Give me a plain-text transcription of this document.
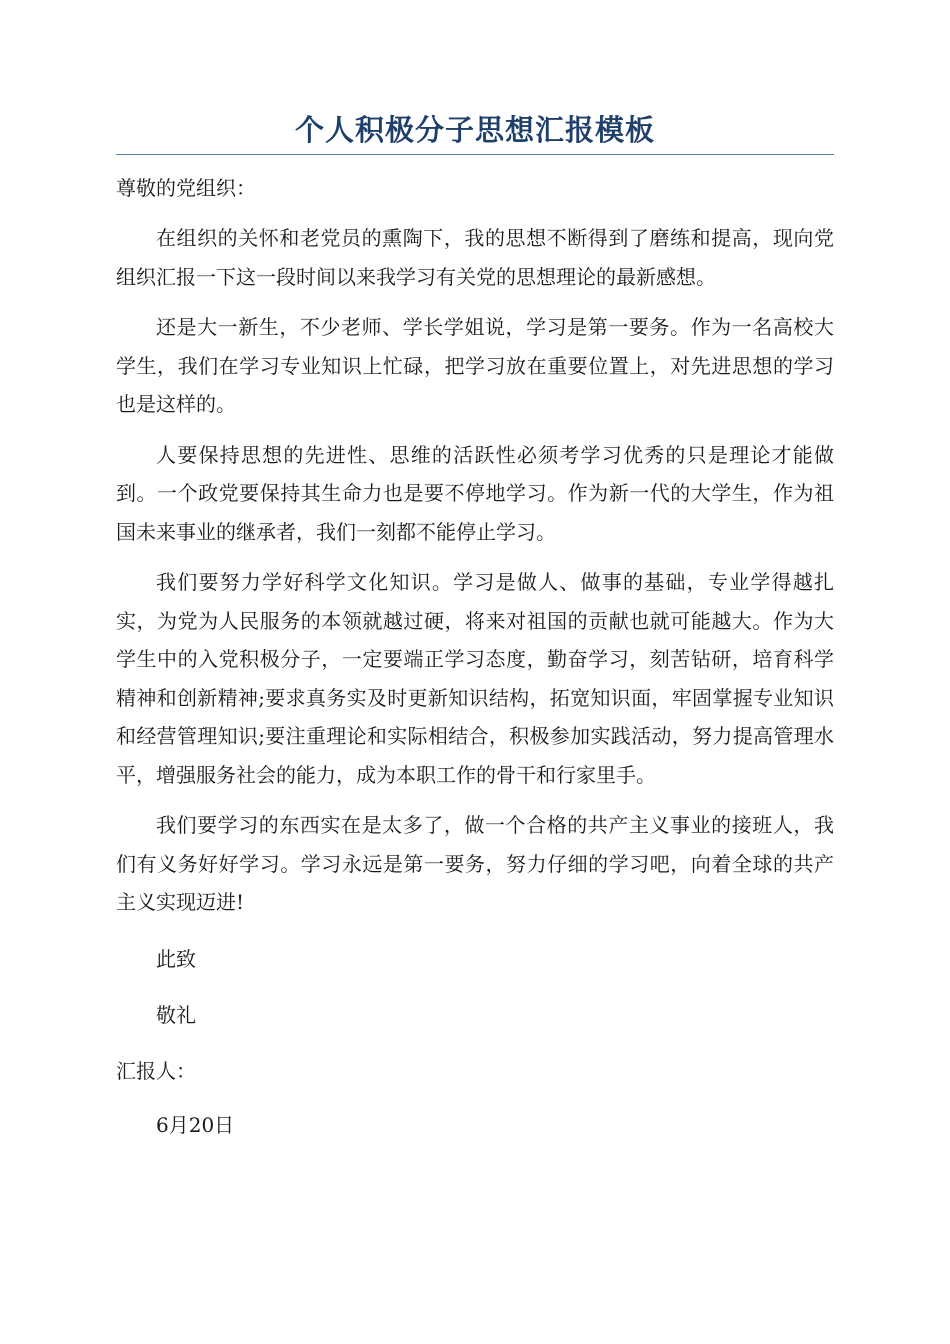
个人积极分子思想汇报模板

尊敬的党组织：

在组织的关怀和老党员的熏陶下，我的思想不断得到了磨练和提高，现向党组织汇报一下这一段时间以来我学习有关党的思想理论的最新感想。

还是大一新生，不少老师、学长学姐说，学习是第一要务。作为一名高校大学生，我们在学习专业知识上忙碌，把学习放在重要位置上，对先进思想的学习也是这样的。

人要保持思想的先进性、思维的活跃性必须考学习优秀的只是理论才能做到。一个政党要保持其生命力也是要不停地学习。作为新一代的大学生，作为祖国未来事业的继承者，我们一刻都不能停止学习。

我们要努力学好科学文化知识。学习是做人、做事的基础，专业学得越扎实，为党为人民服务的本领就越过硬，将来对祖国的贡献也就可能越大。作为大学生中的入党积极分子，一定要端正学习态度，勤奋学习，刻苦钻研，培育科学精神和创新精神;要求真务实及时更新知识结构，拓宽知识面，牢固掌握专业知识和经营管理知识;要注重理论和实际相结合，积极参加实践活动，努力提高管理水平，增强服务社会的能力，成为本职工作的骨干和行家里手。

我们要学习的东西实在是太多了，做一个合格的共产主义事业的接班人，我们有义务好好学习。学习永远是第一要务，努力仔细的学习吧，向着全球的共产主义实现迈进!

此致

敬礼

汇报人：

6月20日
